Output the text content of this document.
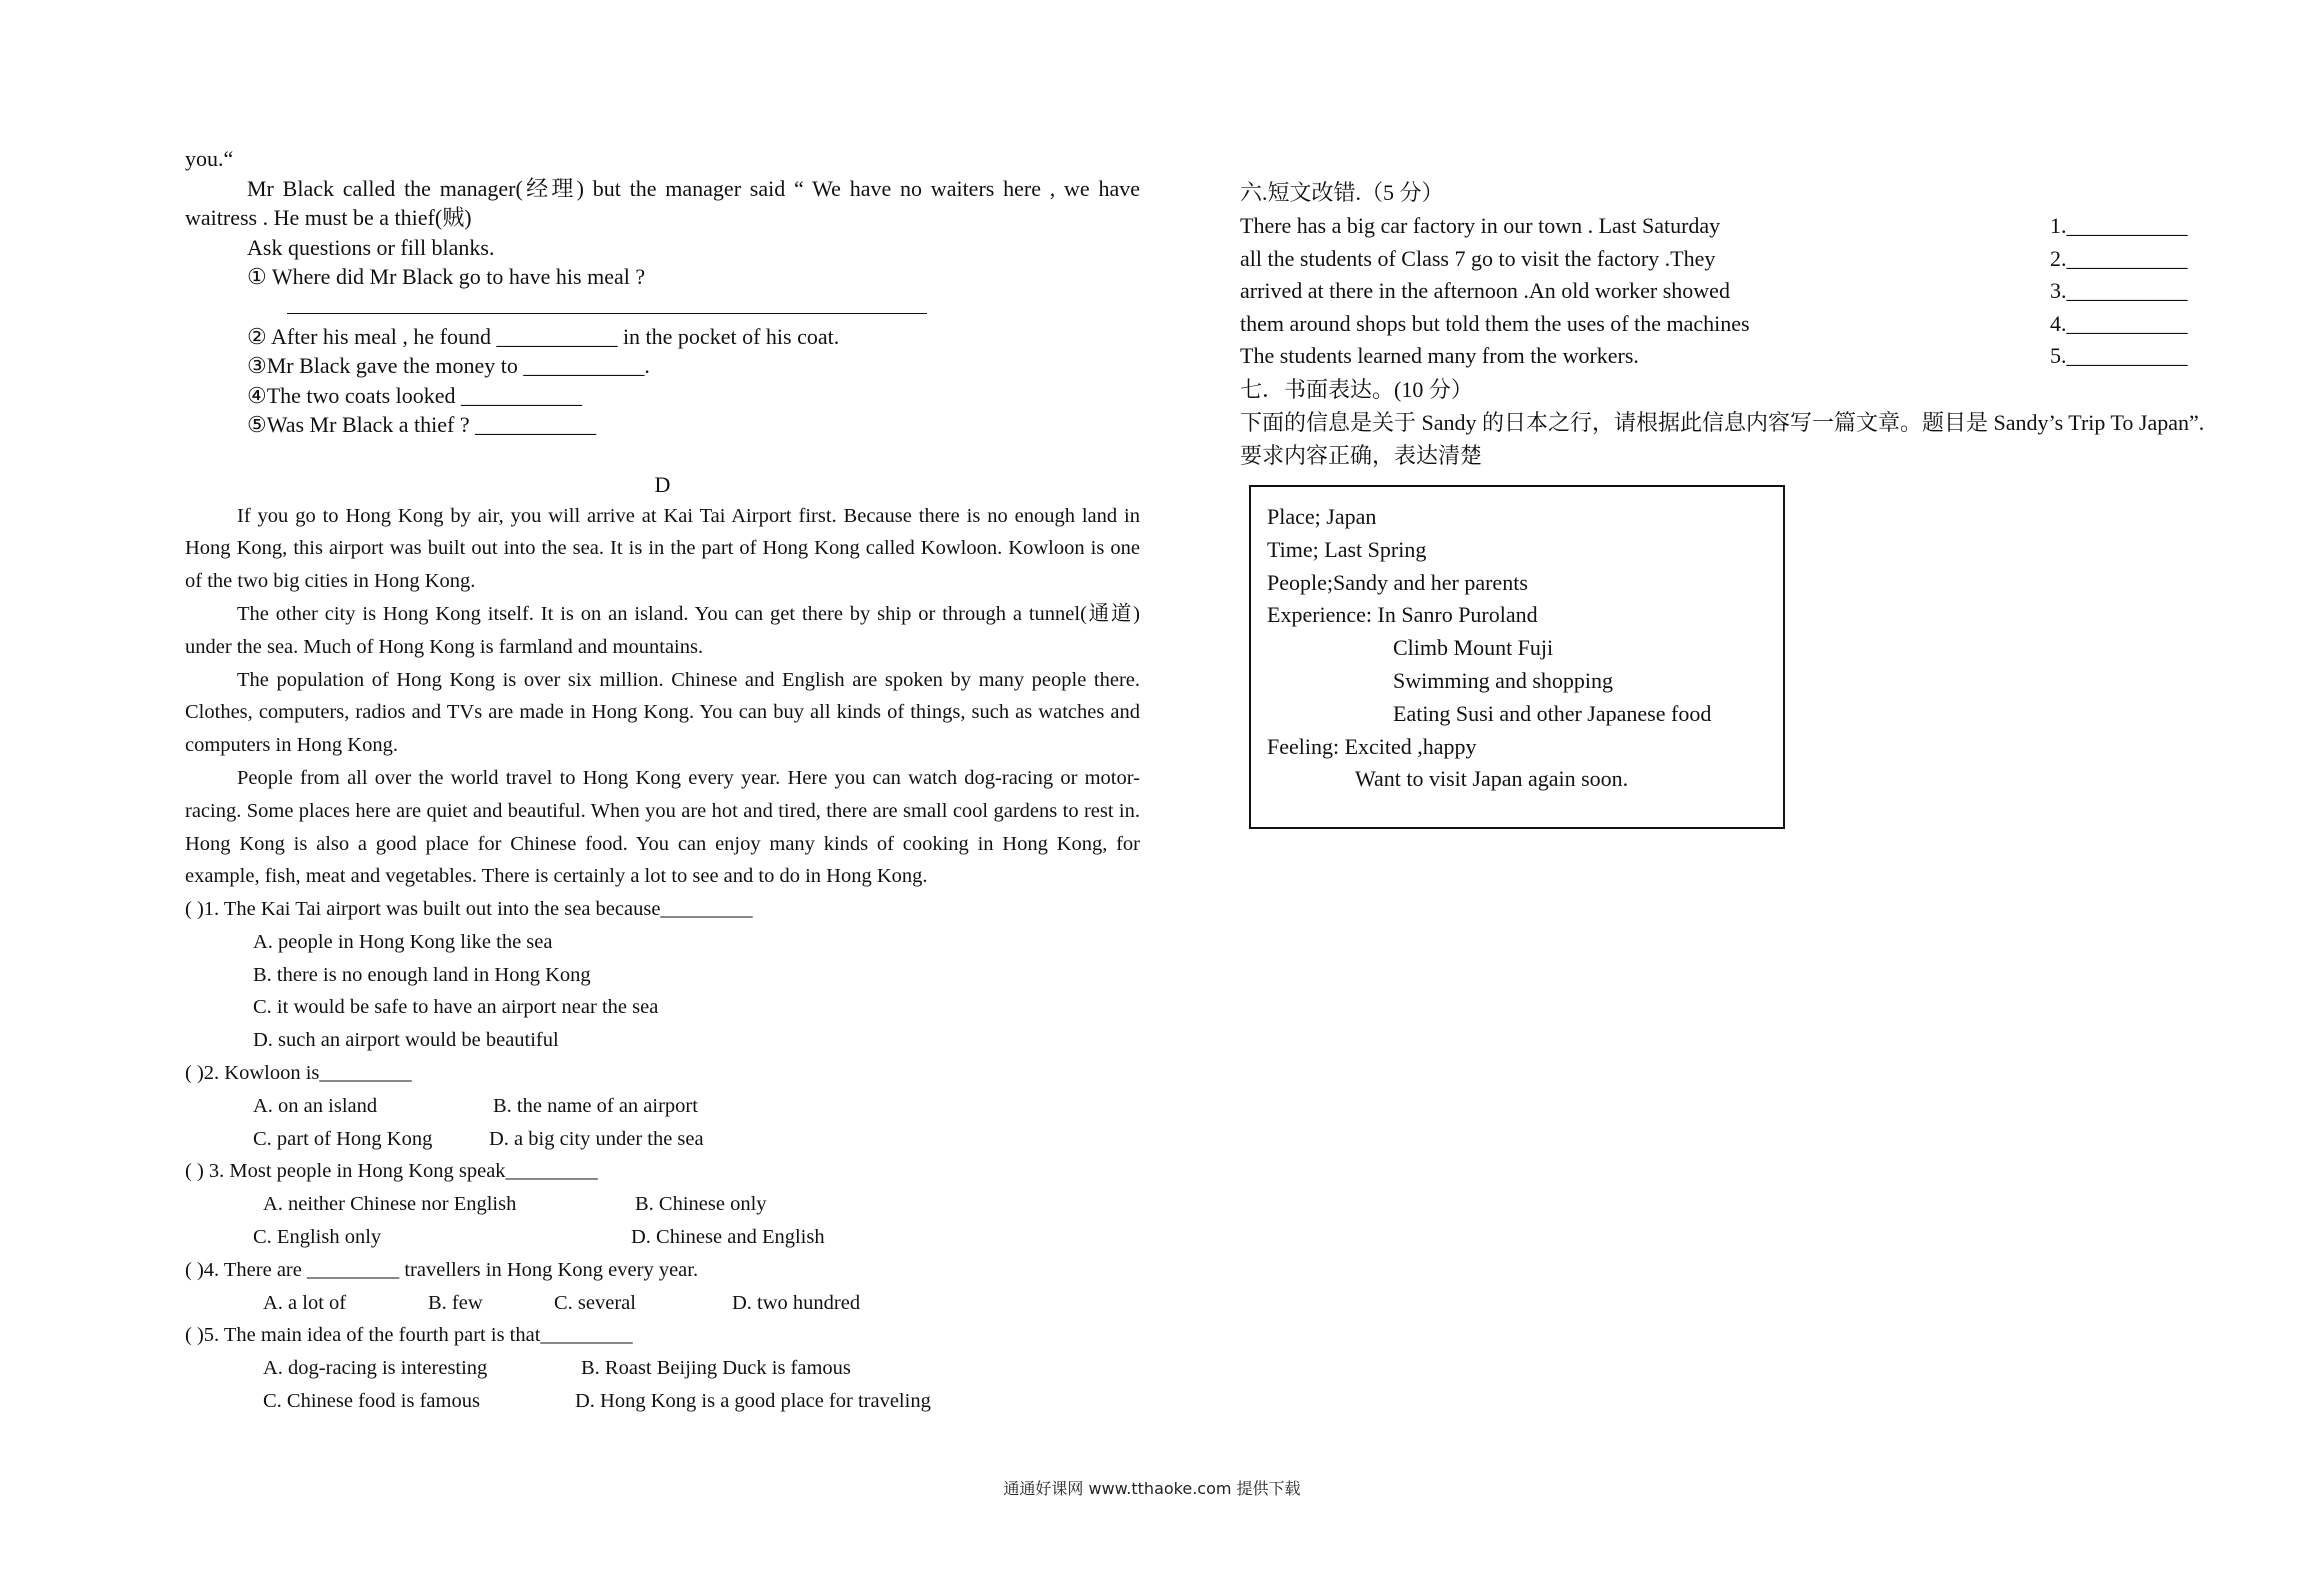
you.“

Mr Black called the manager(经理) but the manager said “ We have no waiters here , we have waitress . He must be a thief(贼)

Ask questions or fill blanks.

① Where did Mr Black go to have his meal ?

② After his meal , he found ___________ in the pocket of his coat.

③Mr Black gave the money to ___________.

④The two coats looked ___________

⑤Was Mr Black a thief ? ___________

D

If you go to Hong Kong by air, you will arrive at Kai Tai Airport first. Because there is no enough land in Hong Kong, this airport was built out into the sea. It is in the part of Hong Kong called Kowloon. Kowloon is one of the two big cities in Hong Kong.

The other city is Hong Kong itself. It is on an island. You can get there by ship or through a tunnel(通道) under the sea. Much of Hong Kong is farmland and mountains.

The population of Hong Kong is over six million. Chinese and English are spoken by many people there. Clothes, computers, radios and TVs are made in Hong Kong. You can buy all kinds of things, such as watches and computers in Hong Kong.

People from all over the world travel to Hong Kong every year. Here you can watch dog-racing or motor-racing. Some places here are quiet and beautiful. When you are hot and tired, there are small cool gardens to rest in. Hong Kong is also a good place for Chinese food. You can enjoy many kinds of cooking in Hong Kong, for example, fish, meat and vegetables. There is certainly a lot to see and to do in Hong Kong.

( )1. The Kai Tai airport was built out into the sea because_________

A. people in Hong Kong like the sea

B. there is no enough land in Hong Kong

C. it would be safe to have an airport near the sea

D. such an airport would be beautiful

( )2. Kowloon is_________

A. on an island	B. the name of an airport
C. part of Hong Kong	D. a big city under the sea

( ) 3. Most people in Hong Kong speak_________

A. neither Chinese nor English	B. Chinese only
C. English only	D. Chinese and English

( )4. There are _________ travellers in Hong Kong every year.

A. a lot of	B. few	C. several	D. two hundred

( )5. The main idea of the fourth part is that_________

A. dog-racing is interesting	B. Roast Beijing Duck is famous
C. Chinese food is famous	D. Hong Kong is a good place for traveling

六.短文改错.（5 分）

There has a big car factory in our town . Last Saturday	1.___________
all the students of Class 7 go to visit the factory .They	2.___________
arrived at there in the afternoon .An old worker showed	3.___________
them around shops but told them the uses of the machines	4.___________
The students learned many from the workers.	5.___________

七．书面表达。(10 分）

下面的信息是关于 Sandy 的日本之行，请根据此信息内容写一篇文章。题目是 Sandy’s Trip To Japan”.要求内容正确，表达清楚

Place; Japan

Time; Last Spring

People;Sandy and her parents

Experience: In Sanro Puroland

Climb Mount Fuji

Swimming and shopping

Eating Susi and other Japanese food

Feeling: Excited ,happy

Want to visit Japan again soon.

通通好课网 www.tthaoke.com 提供下载
